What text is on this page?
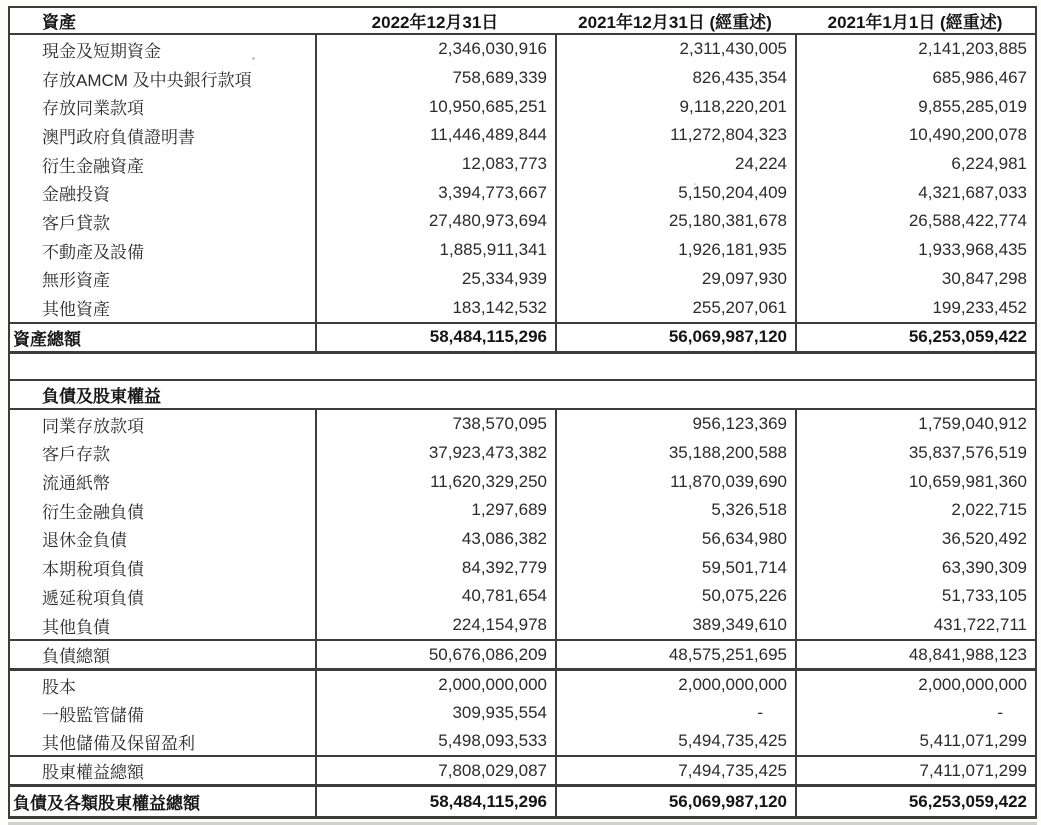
資產	2022年12月31日	2021年12月31日 (經重述)	2021年1月1日 (經重述)
現金及短期資金	2,346,030,916	2,311,430,005	2,141,203,885
存放AMCM 及中央銀行款項	758,689,339	826,435,354	685,986,467
存放同業款項	10,950,685,251	9,118,220,201	9,855,285,019
澳門政府負債證明書	11,446,489,844	11,272,804,323	10,490,200,078
衍生金融資產	12,083,773	24,224	6,224,981
金融投資	3,394,773,667	5,150,204,409	4,321,687,033
客戶貸款	27,480,973,694	25,180,381,678	26,588,422,774
不動產及設備	1,885,911,341	1,926,181,935	1,933,968,435
無形資產	25,334,939	29,097,930	30,847,298
其他資產	183,142,532	255,207,061	199,233,452
資產總額	58,484,115,296	56,069,987,120	56,253,059,422
負債及股東權益
同業存放款項	738,570,095	956,123,369	1,759,040,912
客戶存款	37,923,473,382	35,188,200,588	35,837,576,519
流通紙幣	11,620,329,250	11,870,039,690	10,659,981,360
衍生金融負債	1,297,689	5,326,518	2,022,715
退休金負債	43,086,382	56,634,980	36,520,492
本期稅項負債	84,392,779	59,501,714	63,390,309
遞延稅項負債	40,781,654	50,075,226	51,733,105
其他負債	224,154,978	389,349,610	431,722,711
負債總額	50,676,086,209	48,575,251,695	48,841,988,123
股本	2,000,000,000	2,000,000,000	2,000,000,000
一般監管儲備	309,935,554	-	-
其他儲備及保留盈利	5,498,093,533	5,494,735,425	5,411,071,299
股東權益總額	7,808,029,087	7,494,735,425	7,411,071,299
負債及各類股東權益總額	58,484,115,296	56,069,987,120	56,253,059,422
